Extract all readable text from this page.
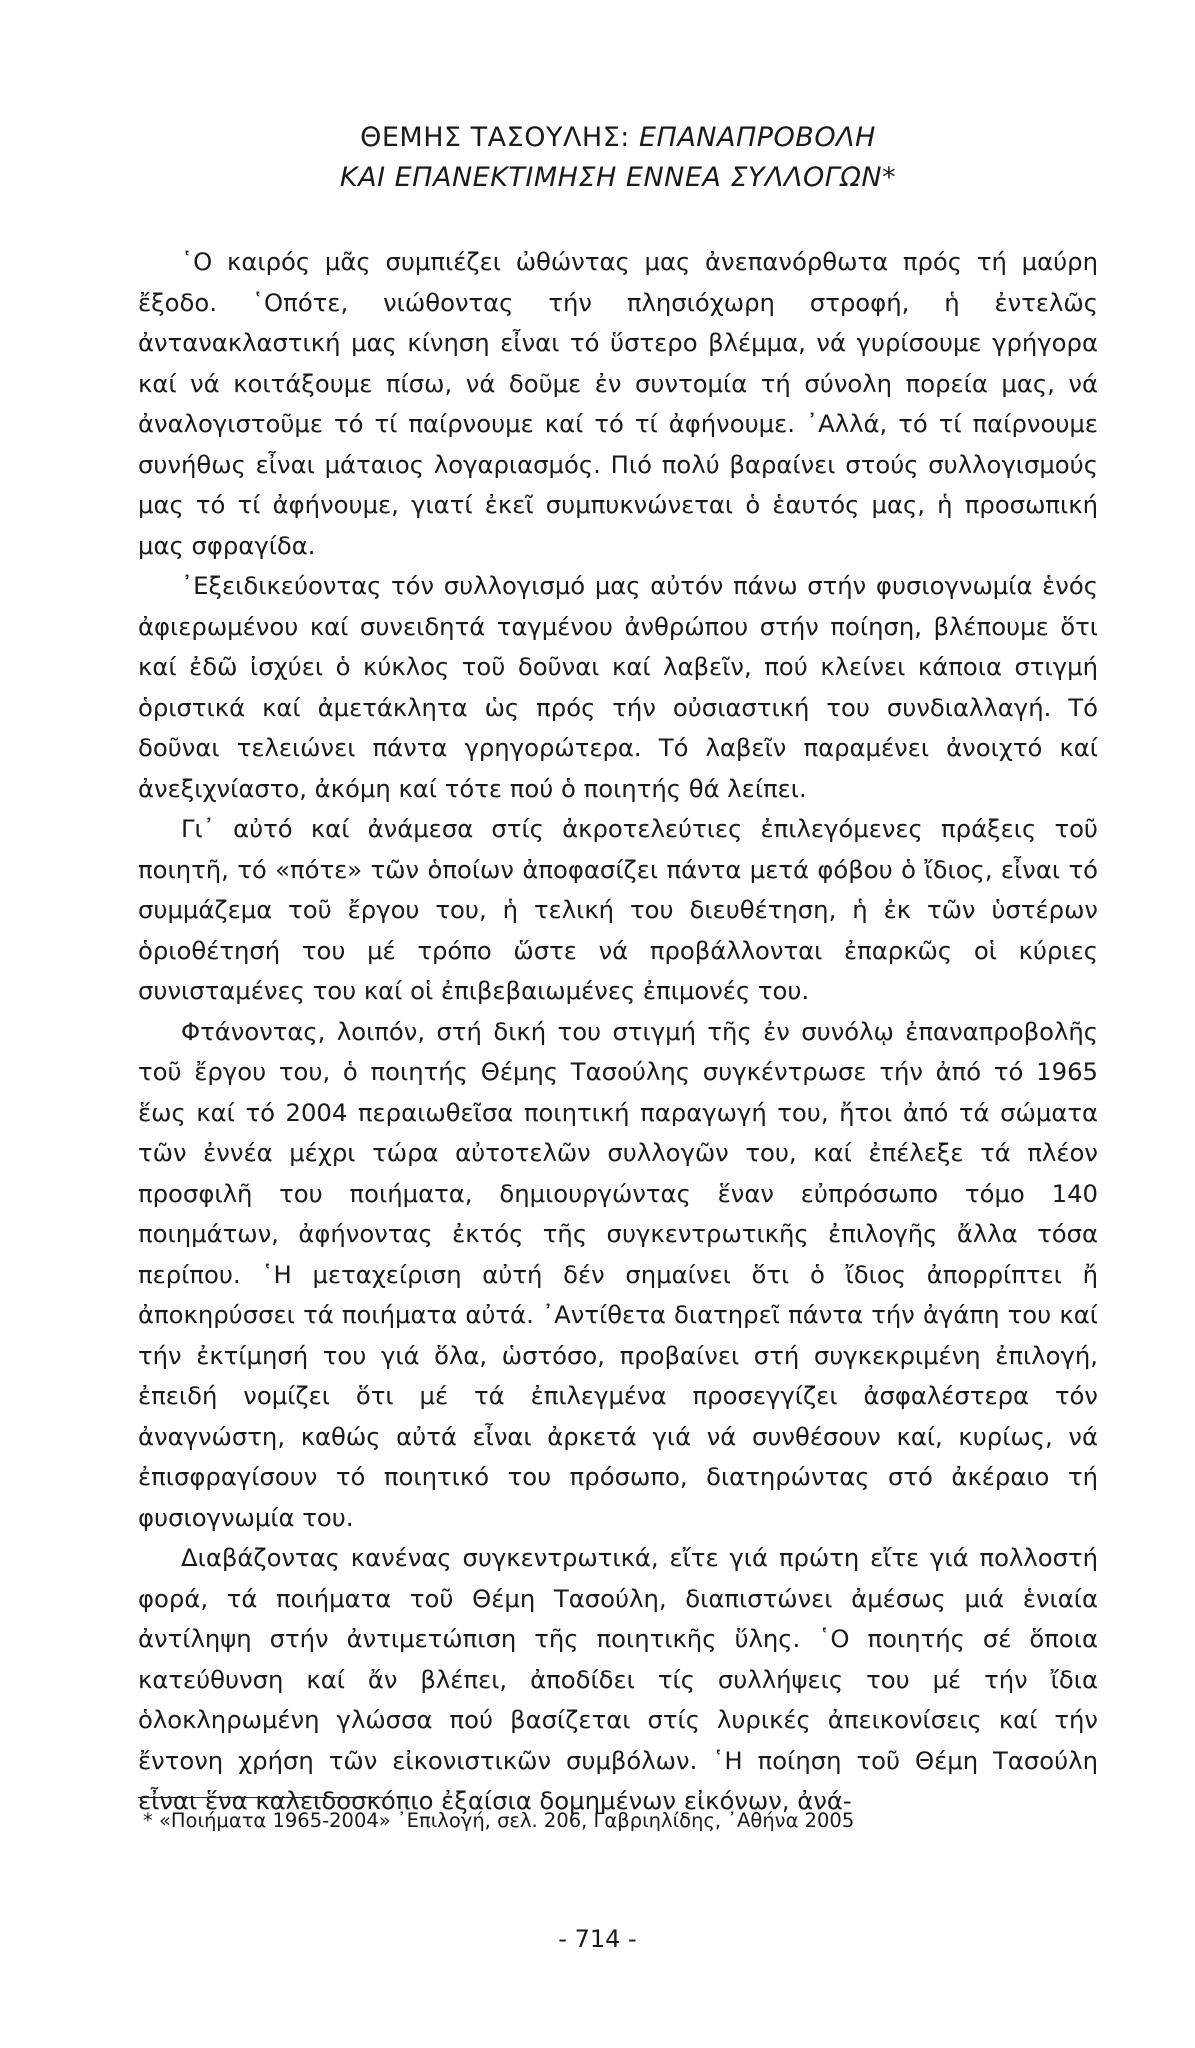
ΘΕΜΗΣ ΤΑΣΟΥΛΗΣ: ΕΠΑΝΑΠΡΟΒΟΛΗ
ΚΑΙ ΕΠΑΝΕΚΤΙΜΗΣΗ ΕΝΝΕΑ ΣΥΛΛΟΓΩΝ*

῾Ο καιρός μᾶς συμπιέζει ὠθώντας μας ἀνεπανόρθωτα πρός τή μαύρη ἔξοδο. ῾Οπότε, νιώθοντας τήν πλησιόχωρη στροφή, ἡ ἐντελῶς ἀντανακλαστική μας κίνηση εἶναι τό ὕστερο βλέμμα, νά γυρίσουμε γρήγορα καί νά κοιτάξουμε πίσω, νά δοῦμε ἐν συντομία τή σύνολη πορεία μας, νά ἀναλογιστοῦμε τό τί παίρνουμε καί τό τί ἀφήνουμε. ᾿Αλλά, τό τί παίρνουμε συνήθως εἶναι μάταιος λογαριασμός. Πιό πολύ βαραίνει στούς συλλογισμούς μας τό τί ἀφήνουμε, γιατί ἐκεῖ συμπυκνώνεται ὁ ἑαυτός μας, ἡ προσωπική μας σφραγίδα.

᾿Εξειδικεύοντας τόν συλλογισμό μας αὐτόν πάνω στήν φυσιογνωμία ἑνός ἀφιερωμένου καί συνειδητά ταγμένου ἀνθρώπου στήν ποίηση, βλέπουμε ὅτι καί ἐδῶ ἰσχύει ὁ κύκλος τοῦ δοῦναι καί λαβεῖν, πού κλείνει κάποια στιγμή ὁριστικά καί ἀμετάκλητα ὡς πρός τήν οὐσιαστική του συνδιαλλαγή. Τό δοῦναι τελειώνει πάντα γρηγορώτερα. Τό λαβεῖν παραμένει ἀνοιχτό καί ἀνεξιχνίαστο, ἀκόμη καί τότε πού ὁ ποιητής θά λείπει.

Γι᾿ αὐτό καί ἀνάμεσα στίς ἀκροτελεύτιες ἐπιλεγόμενες πράξεις τοῦ ποιητῆ, τό «πότε» τῶν ὁποίων ἀποφασίζει πάντα μετά φόβου ὁ ἴδιος, εἶναι τό συμμάζεμα τοῦ ἔργου του, ἡ τελική του διευθέτηση, ἡ ἐκ τῶν ὑστέρων ὁριοθέτησή του μέ τρόπο ὥστε νά προβάλλονται ἐπαρκῶς οἱ κύριες συνισταμένες του καί οἱ ἐπιβεβαιωμένες ἐπιμονές του.

Φτάνοντας, λοιπόν, στή δική του στιγμή τῆς ἐν συνόλῳ ἐπαναπροβολῆς τοῦ ἔργου του, ὁ ποιητής Θέμης Τασούλης συγκέντρωσε τήν ἀπό τό 1965 ἕως καί τό 2004 περαιωθεῖσα ποιητική παραγωγή του, ἤτοι ἀπό τά σώματα τῶν ἐννέα μέχρι τώρα αὐτοτελῶν συλλογῶν του, καί ἐπέλεξε τά πλέον προσφιλῆ του ποιήματα, δημιουργώντας ἕναν εὐπρόσωπο τόμο 140 ποιημάτων, ἀφήνοντας ἐκτός τῆς συγκεντρωτικῆς ἐπιλογῆς ἄλλα τόσα περίπου. ῾Η μεταχείριση αὐτή δέν σημαίνει ὅτι ὁ ἴδιος ἀπορρίπτει ἤ ἀποκηρύσσει τά ποιήματα αὐτά. ᾿Αντίθετα διατηρεῖ πάντα τήν ἀγάπη του καί τήν ἐκτίμησή του γιά ὅλα, ὡστόσο, προβαίνει στή συγκεκριμένη ἐπιλογή, ἐπειδή νομίζει ὅτι μέ τά ἐπιλεγμένα προσεγγίζει ἀσφαλέστερα τόν ἀναγνώστη, καθώς αὐτά εἶναι ἀρκετά γιά νά συνθέσουν καί, κυρίως, νά ἐπισφραγίσουν τό ποιητικό του πρόσωπο, διατηρώντας στό ἀκέραιο τή φυσιογνωμία του.

Διαβάζοντας κανένας συγκεντρωτικά, εἴτε γιά πρώτη εἴτε γιά πολλοστή φορά, τά ποιήματα τοῦ Θέμη Τασούλη, διαπιστώνει ἀμέσως μιά ἑνιαία ἀντίληψη στήν ἀντιμετώπιση τῆς ποιητικῆς ὕλης. ῾Ο ποιητής σέ ὅποια κατεύθυνση καί ἄν βλέπει, ἀποδίδει τίς συλλήψεις του μέ τήν ἴδια ὁλοκληρωμένη γλώσσα πού βασίζεται στίς λυρικές ἀπεικονίσεις καί τήν ἔντονη χρήση τῶν εἰκονιστικῶν συμβόλων. ῾Η ποίηση τοῦ Θέμη Τασούλη εἶναι ἕνα καλειδοσκόπιο ἐξαίσια δομημένων εἰκόνων, ἀνά-

* «Ποιήματα 1965-2004» ᾿Επιλογή, σελ. 206, Γαβριηλίδης, ᾿Αθήνα 2005
- 714 -
